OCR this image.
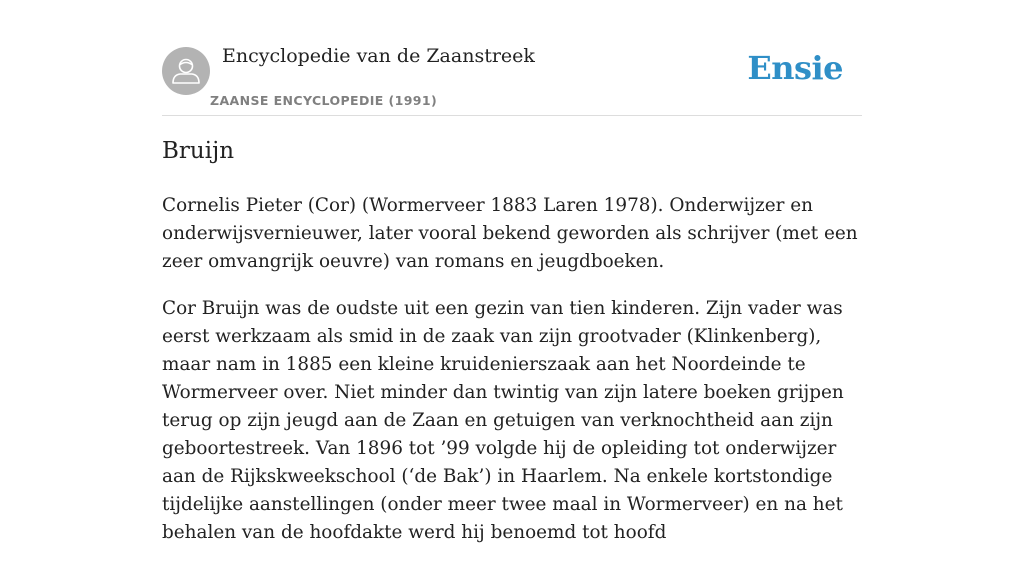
Encyclopedie van de Zaanstreek
ZAANSE ENCYCLOPEDIE (1991)
Ensie
Bruijn

Cornelis Pieter (Cor) (Wormerveer 1883 Laren 1978). Onderwijzer en onderwijsvernieuwer, later vooral bekend geworden als schrijver (met een zeer omvangrijk oeuvre) van romans en jeugdboeken.

Cor Bruijn was de oudste uit een gezin van tien kinderen. Zijn vader was eerst werkzaam als smid in de zaak van zijn grootvader (Klinkenberg), maar nam in 1885 een kleine kruidenierszaak aan het Noordeinde te Wormerveer over. Niet minder dan twintig van zijn latere boeken grijpen terug op zijn jeugd aan de Zaan en getuigen van verknochtheid aan zijn geboortestreek. Van 1896 tot ’99 volgde hij de opleiding tot onderwijzer aan de Rijkskweekschool (‘de Bak’) in Haarlem. Na enkele kortstondige tijdelijke aanstellingen (onder meer twee maal in Wormerveer) en na het behalen van de hoofdakte werd hij benoemd tot hoofd
